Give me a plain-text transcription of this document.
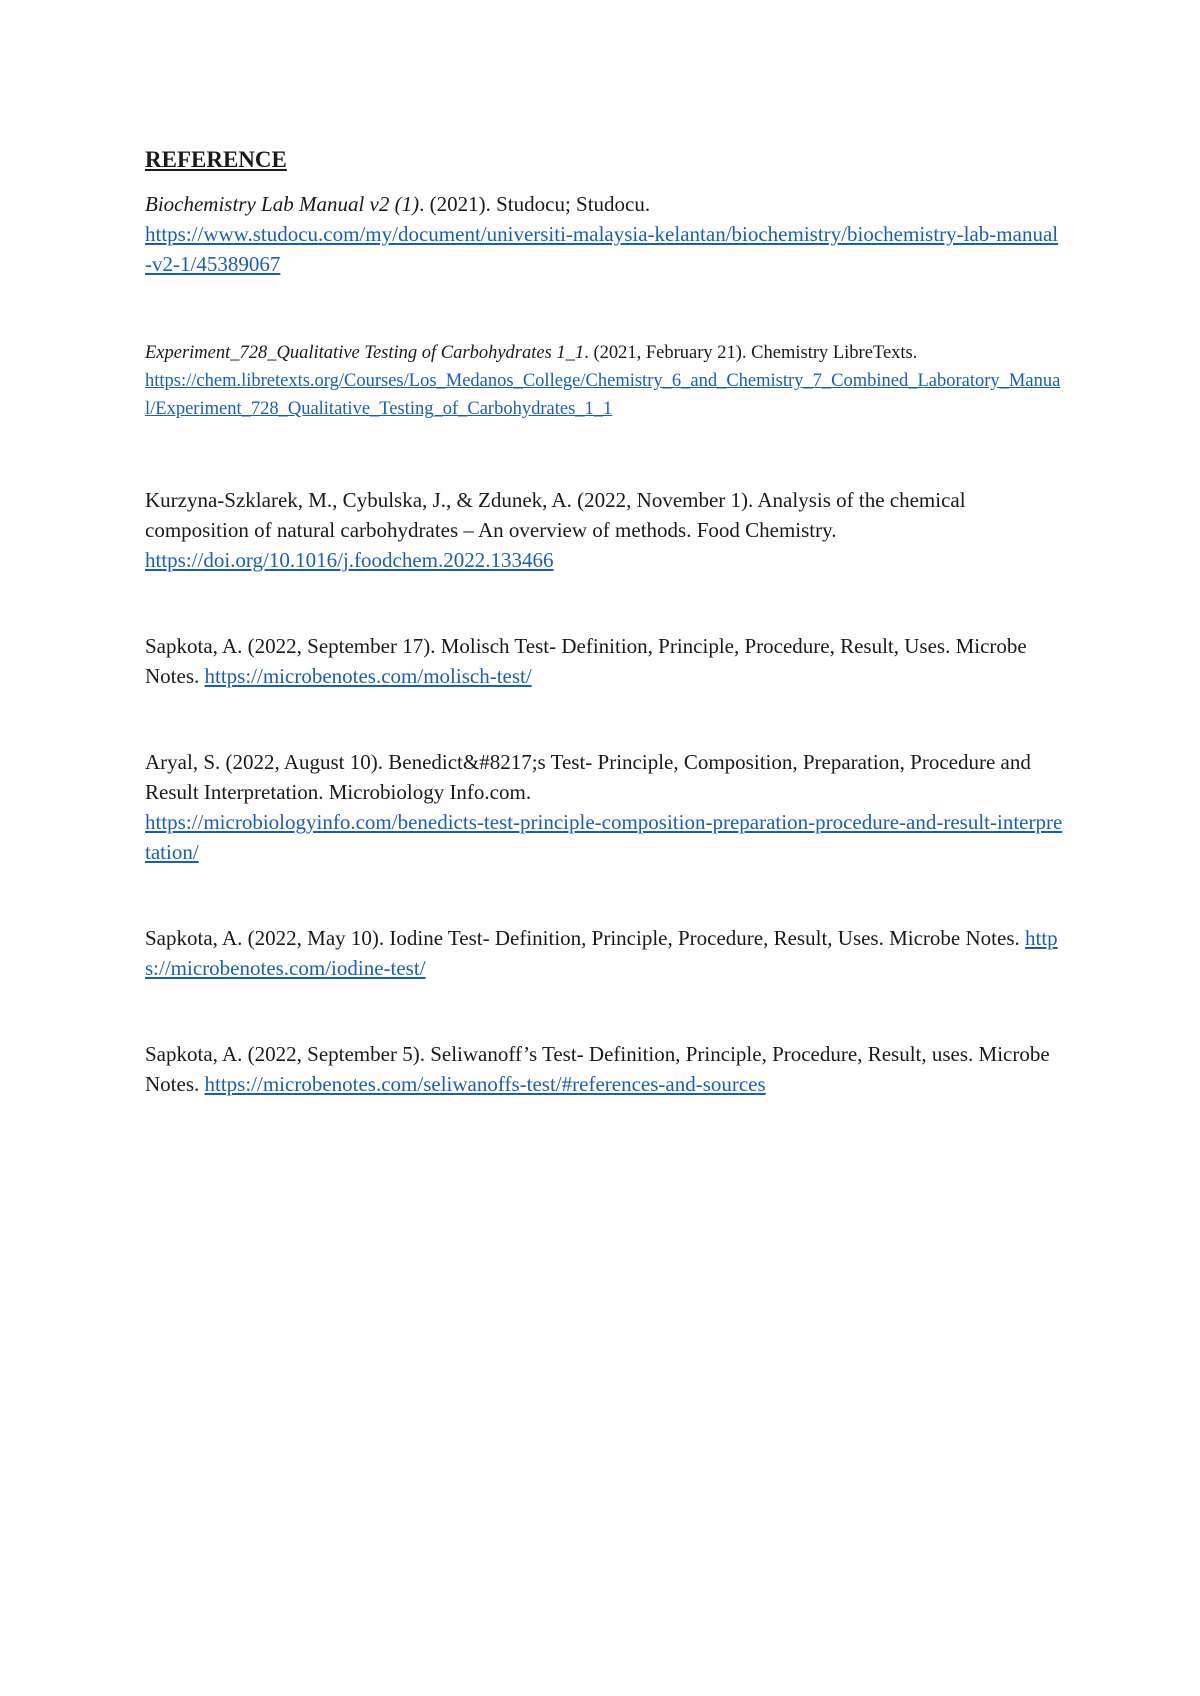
REFERENCE

Biochemistry Lab Manual v2 (1). (2021). Studocu; Studocu.
https://www.studocu.com/my/document/universiti-malaysia-kelantan/biochemistry/biochemistry-lab-manual-v2-1/45389067

Experiment_728_Qualitative Testing of Carbohydrates 1_1. (2021, February 21). Chemistry LibreTexts.
https://chem.libretexts.org/Courses/Los_Medanos_College/Chemistry_6_and_Chemistry_7_Combined_Laboratory_Manual/Experiment_728_Qualitative_Testing_of_Carbohydrates_1_1

Kurzyna-Szklarek, M., Cybulska, J., & Zdunek, A. (2022, November 1). Analysis of the chemical composition of natural carbohydrates – An overview of methods. Food Chemistry.
https://doi.org/10.1016/j.foodchem.2022.133466

Sapkota, A. (2022, September 17). Molisch Test- Definition, Principle, Procedure, Result, Uses. Microbe Notes. https://microbenotes.com/molisch-test/

Aryal, S. (2022, August 10). Benedict&#8217;s Test- Principle, Composition, Preparation, Procedure and Result Interpretation. Microbiology Info.com.
https://microbiologyinfo.com/benedicts-test-principle-composition-preparation-procedure-and-result-interpretation/

Sapkota, A. (2022, May 10). Iodine Test- Definition, Principle, Procedure, Result, Uses. Microbe Notes. https://microbenotes.com/iodine-test/

Sapkota, A. (2022, September 5). Seliwanoff’s Test- Definition, Principle, Procedure, Result, uses. Microbe Notes. https://microbenotes.com/seliwanoffs-test/#references-and-sources
